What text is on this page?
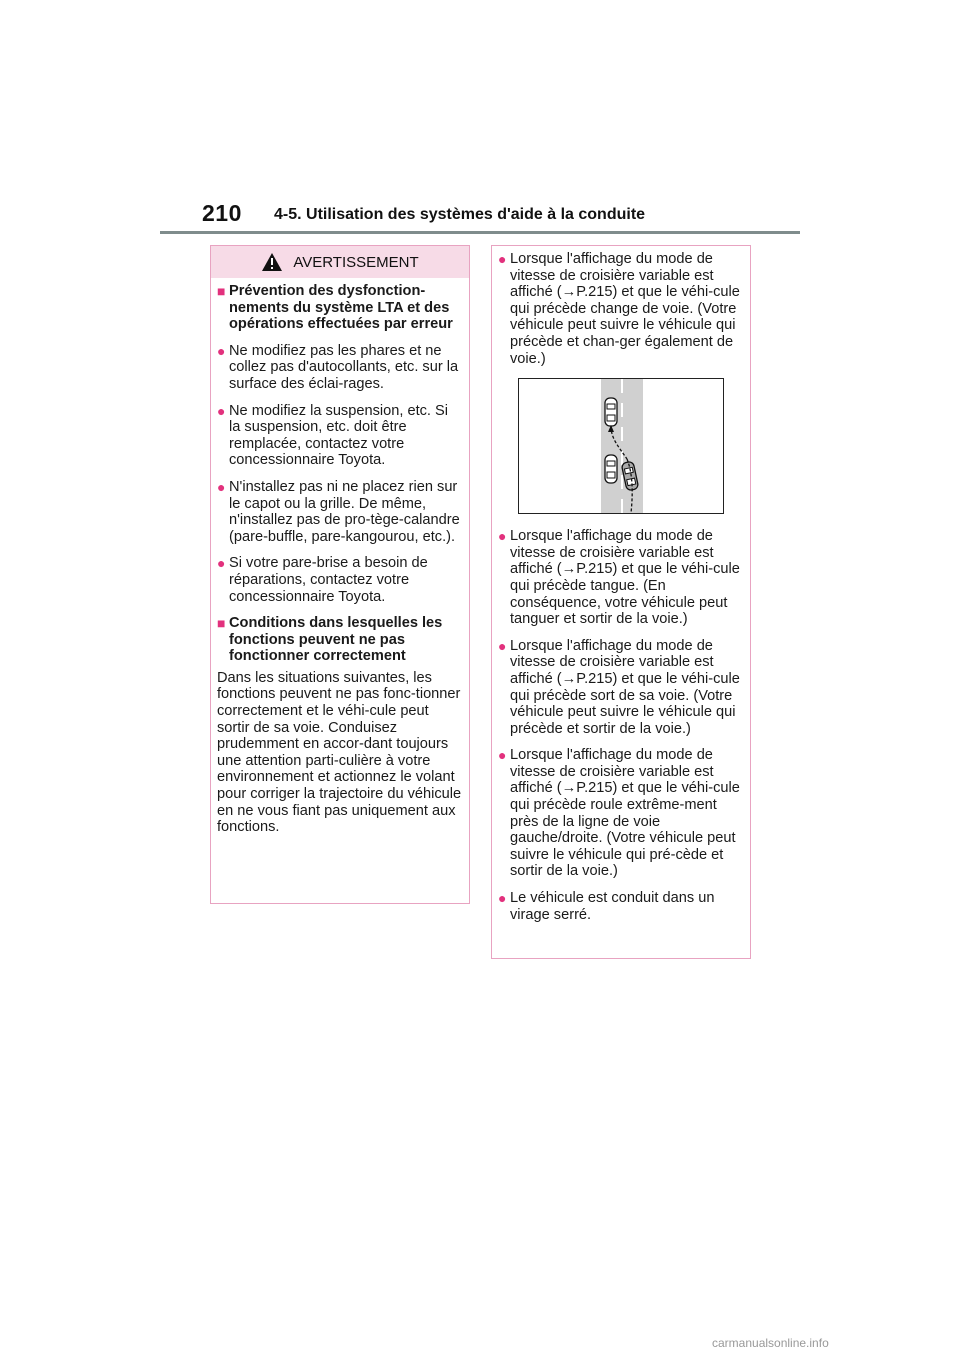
210 4-5. Utilisation des systèmes d'aide à la conduite
AVERTISSEMENT
■ Prévention des dysfonction-nements du système LTA et des opérations effectuées par erreur
● Ne modifiez pas les phares et ne collez pas d'autocollants, etc. sur la surface des éclai-rages.
● Ne modifiez la suspension, etc. Si la suspension, etc. doit être remplacée, contactez votre concessionnaire Toyota.
● N'installez pas ni ne placez rien sur le capot ou la grille. De même, n'installez pas de pro-tège-calandre (pare-buffle, pare-kangourou, etc.).
● Si votre pare-brise a besoin de réparations, contactez votre concessionnaire Toyota.
■ Conditions dans lesquelles les fonctions peuvent ne pas fonctionner correctement
Dans les situations suivantes, les fonctions peuvent ne pas fonc-tionner correctement et le véhi-cule peut sortir de sa voie. Conduisez prudemment en accor-dant toujours une attention parti-culière à votre environnement et actionnez le volant pour corriger la trajectoire du véhicule en ne vous fiant pas uniquement aux fonctions.
● Lorsque l'affichage du mode de vitesse de croisière variable est affiché (→P.215) et que le véhi-cule qui précède change de voie. (Votre véhicule peut suivre le véhicule qui précède et chan-ger également de voie.)
● Lorsque l'affichage du mode de vitesse de croisière variable est affiché (→P.215) et que le véhi-cule qui précède tangue. (En conséquence, votre véhicule peut tanguer et sortir de la voie.)
● Lorsque l'affichage du mode de vitesse de croisière variable est affiché (→P.215) et que le véhi-cule qui précède sort de sa voie. (Votre véhicule peut suivre le véhicule qui précède et sortir de la voie.)
● Lorsque l'affichage du mode de vitesse de croisière variable est affiché (→P.215) et que le véhi-cule qui précède roule extrême-ment près de la ligne de voie gauche/droite. (Votre véhicule peut suivre le véhicule qui pré-cède et sortir de la voie.)
● Le véhicule est conduit dans un virage serré.
carmanualsonline.info
